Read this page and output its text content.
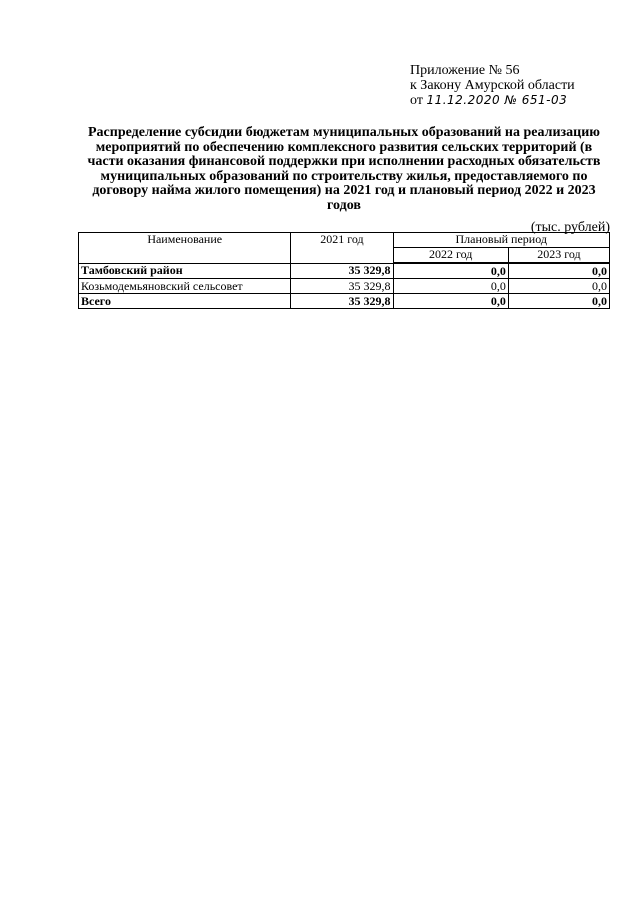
Приложение № 56
к Закону Амурской области
от 11.12.2020 № 651-03
Распределение субсидии бюджетам муниципальных образований на реализацию мероприятий по обеспечению комплексного развития сельских территорий (в части оказания финансовой поддержки при исполнении расходных обязательств муниципальных образований по строительству жилья, предоставляемого по договору найма жилого помещения) на 2021 год и плановый период 2022 и 2023 годов
(тыс. рублей)
Наименование	2021 год	Плановый период	
		2022 год	2023 год
Тамбовский район	35 329,8	0,0	0,0
Козьмодемьяновский сельсовет	35 329,8	0,0	0,0
Всего	35 329,8	0,0	0,0
